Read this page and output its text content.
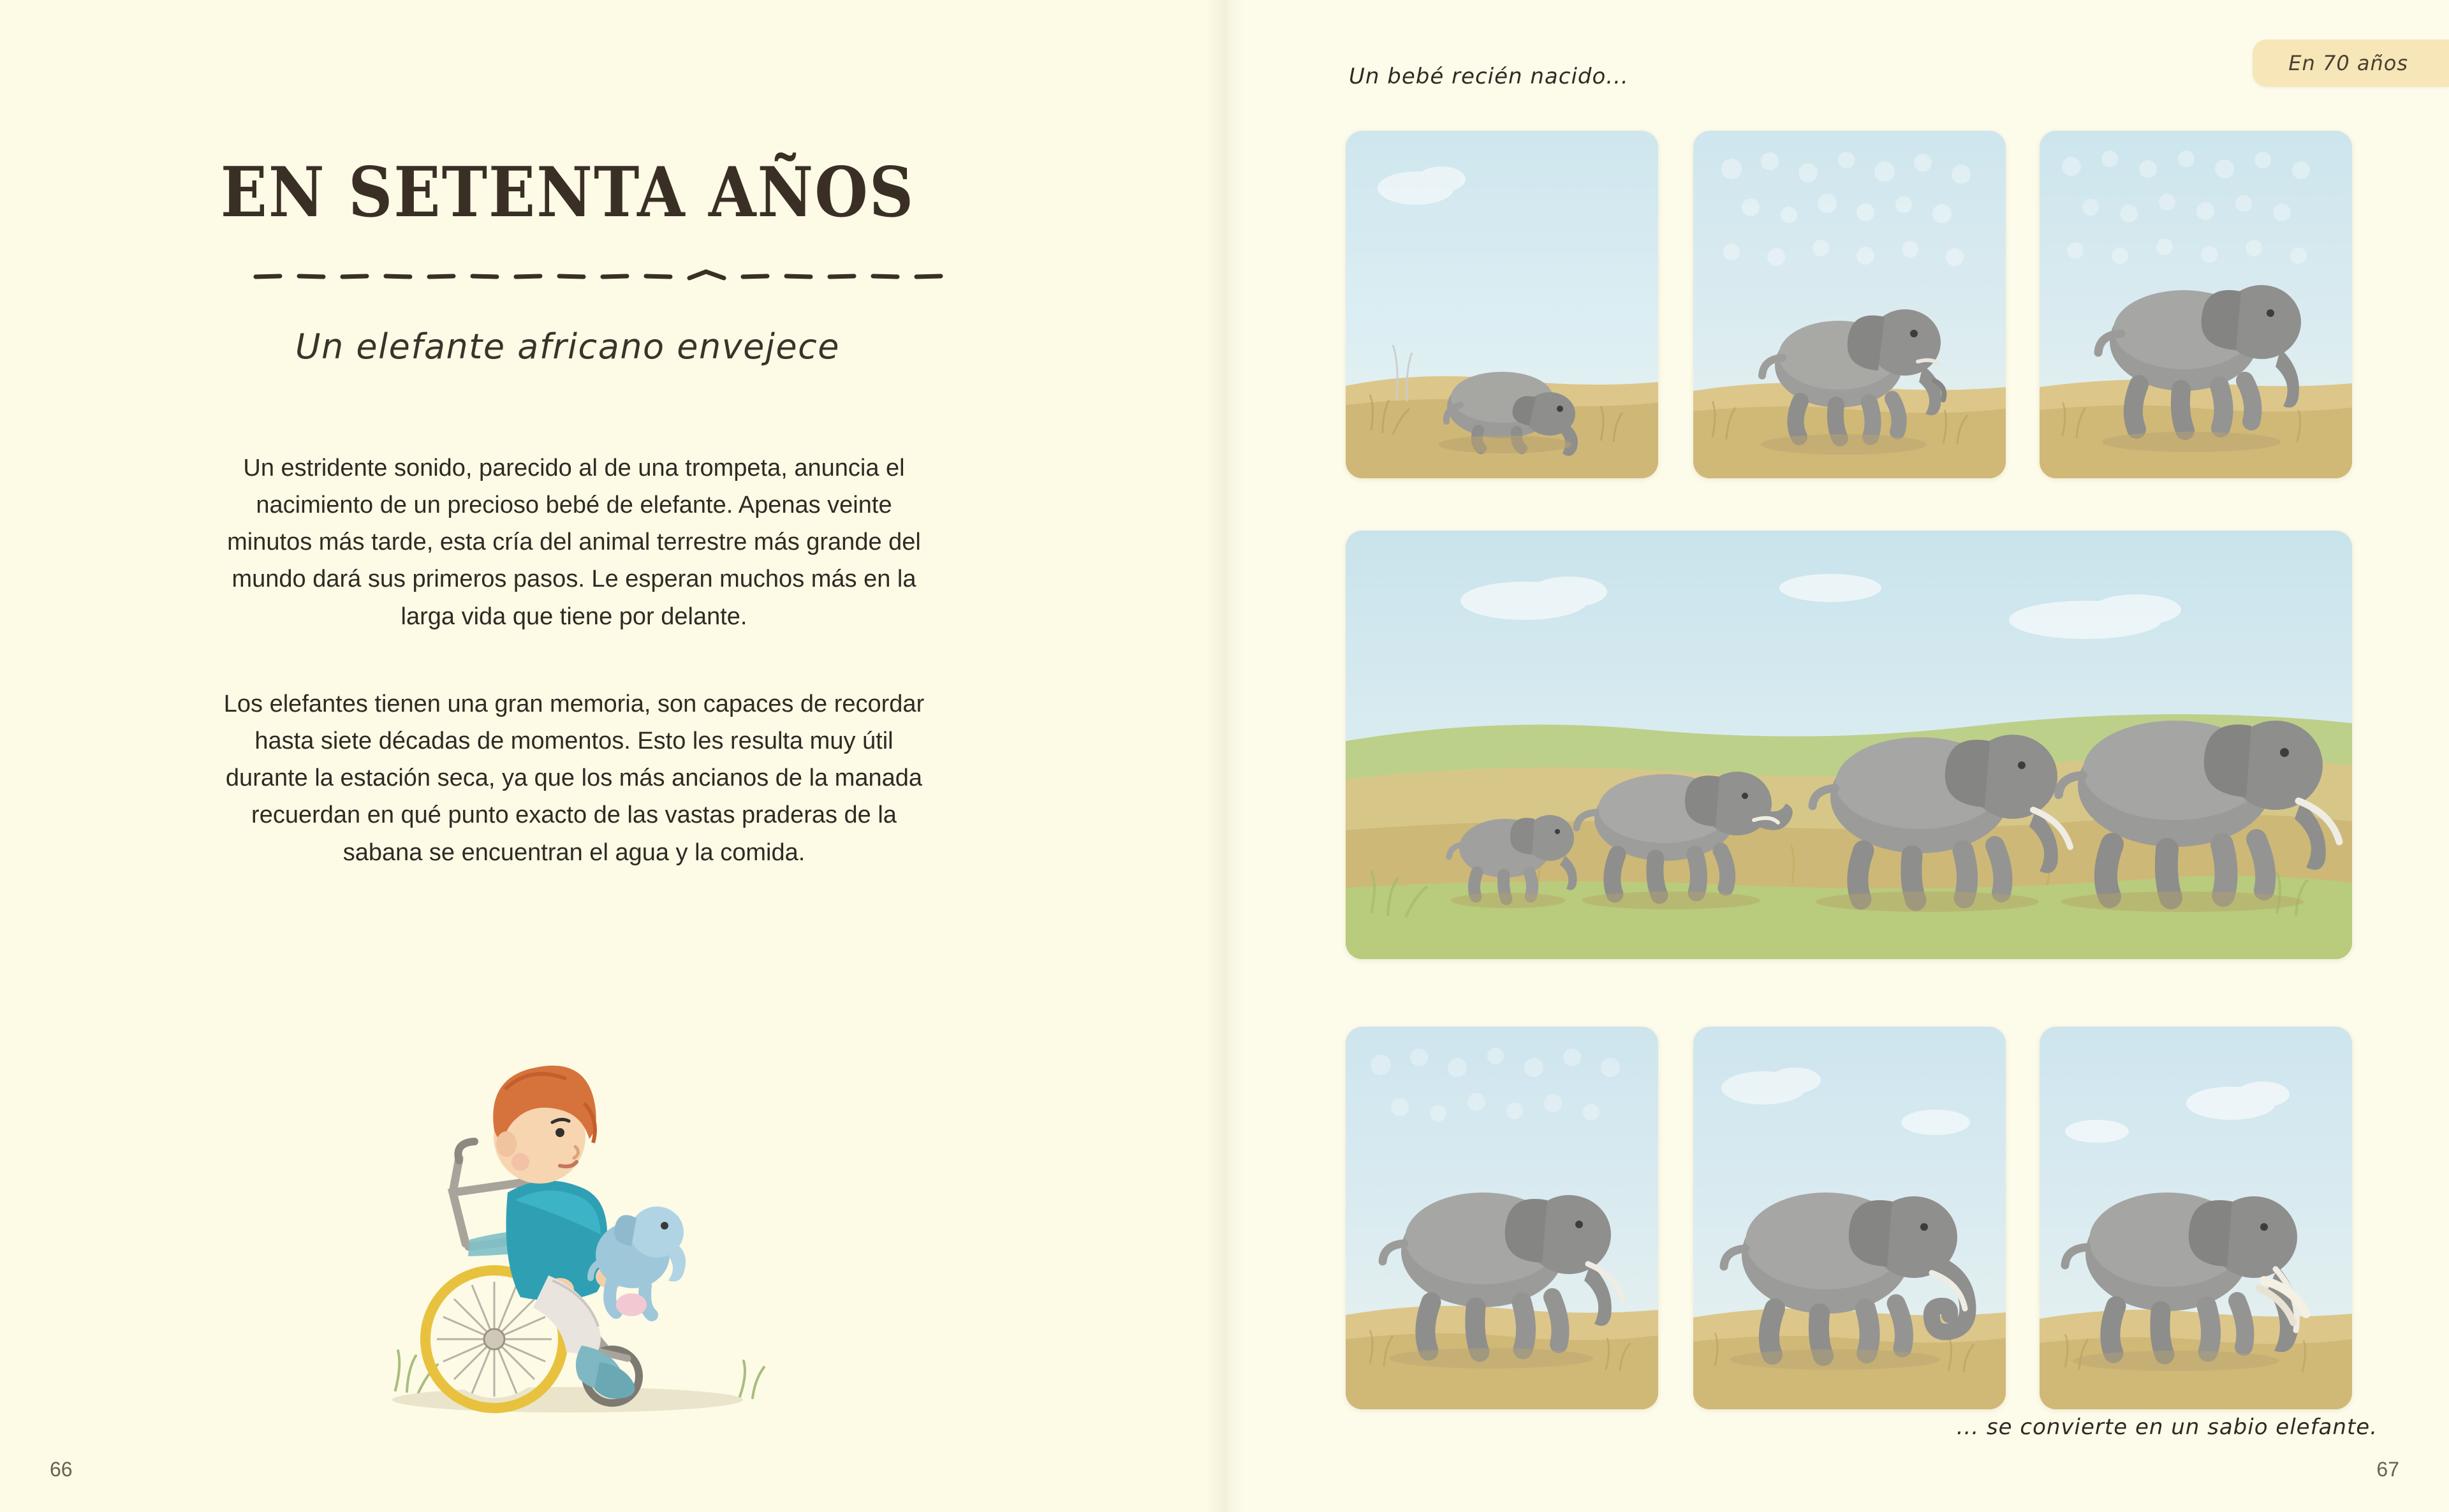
EN SETENTA AÑOS
Un elefante africano envejece
Un estridente sonido, parecido al de una trompeta, anuncia el nacimiento de un precioso bebé de elefante. Apenas veinte minutos más tarde, esta cría del animal terrestre más grande del mundo dará sus primeros pasos. Le esperan muchos más en la larga vida que tiene por delante.
Los elefantes tienen una gran memoria, son capaces de recordar hasta siete décadas de momentos. Esto les resulta muy útil durante la estación seca, ya que los más ancianos de la manada recuerdan en qué punto exacto de las vastas praderas de la sabana se encuentran el agua y la comida.
66
Un bebé recién nacido...
En 70 años
... se convierte en un sabio elefante.
67
